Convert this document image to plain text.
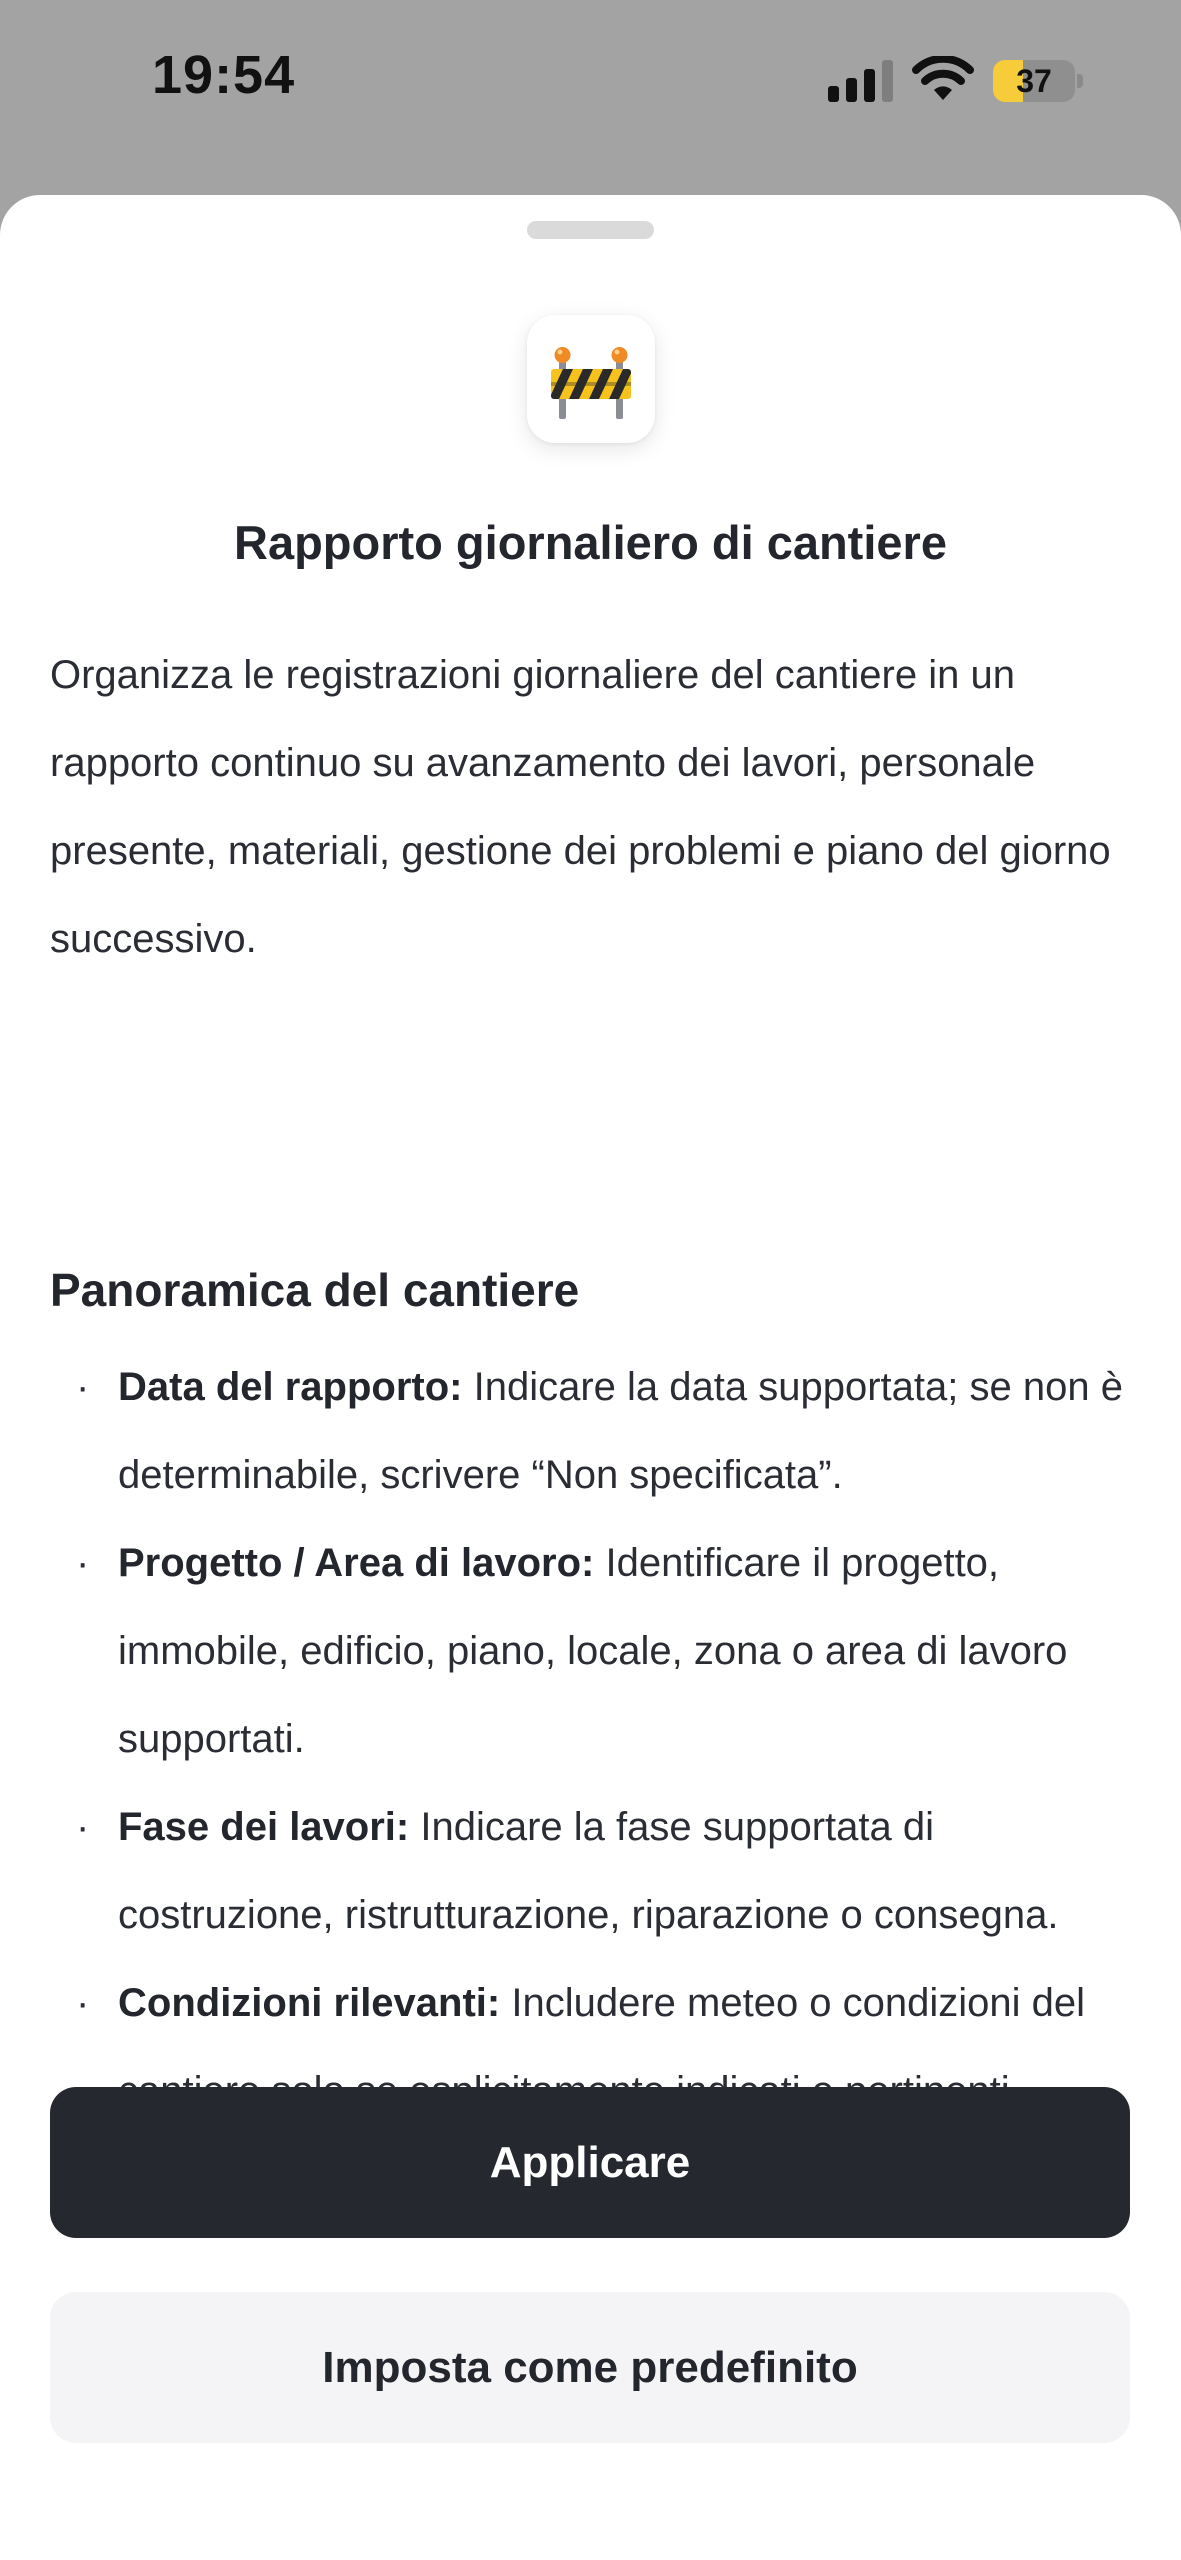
19:54	37
Rapporto giornaliero di cantiere

Organizza le registrazioni giornaliere del cantiere in un rapporto continuo su avanzamento dei lavori, personale presente, materiali, gestione dei problemi e piano del giorno successivo.

Panoramica del cantiere
· Data del rapporto: Indicare la data supportata; se non è determinabile, scrivere “Non specificata”.
· Progetto / Area di lavoro: Identificare il progetto, immobile, edificio, piano, locale, zona o area di lavoro supportati.
· Fase dei lavori: Indicare la fase supportata di costruzione, ristrutturazione, riparazione o consegna.
· Condizioni rilevanti: Includere meteo o condizioni del
Applicare
Imposta come predefinito
